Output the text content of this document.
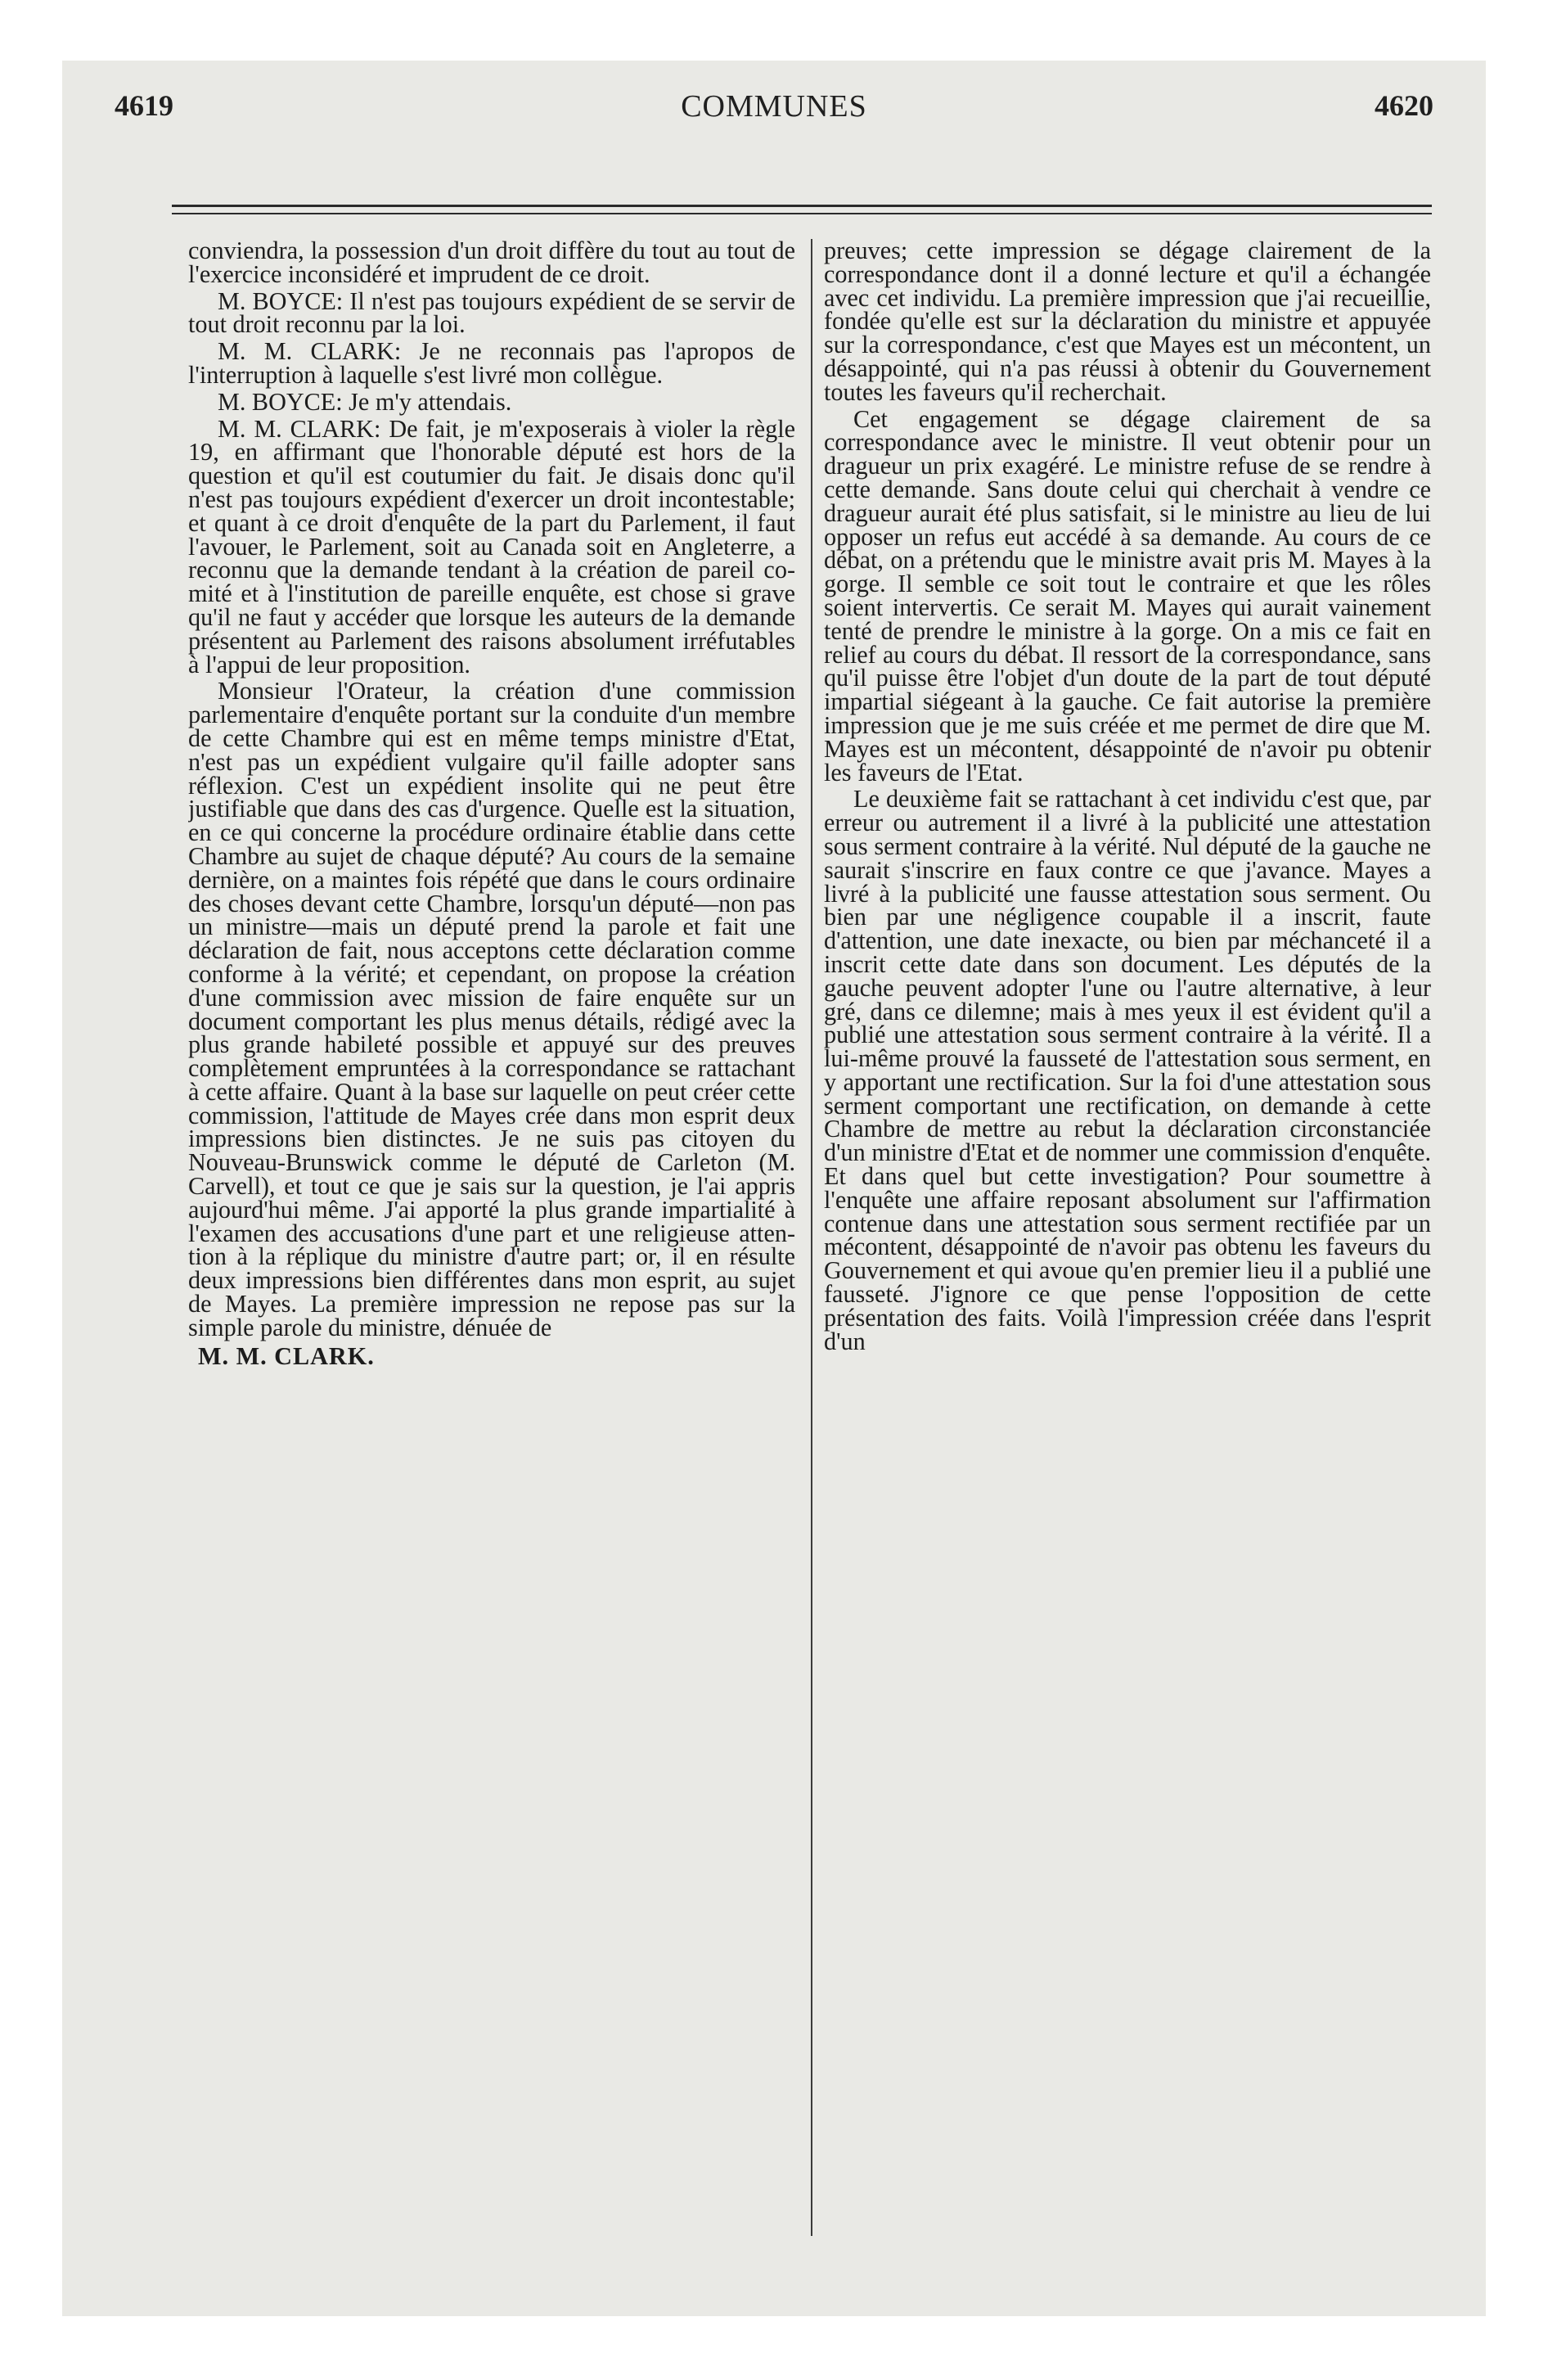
4619	COMMUNES	4620

conviendra, la possession d'un droit diffère du tout au tout de l'exercice inconsidéré et imprudent de ce droit.

M. BOYCE: Il n'est pas toujours expédient de se servir de tout droit reconnu par la loi.

M. M. CLARK: Je ne reconnais pas l'apropos de l'interruption à laquelle s'est livré mon collègue.

M. BOYCE: Je m'y attendais.

M. M. CLARK: De fait, je m'exposerais à violer la règle 19, en affirmant que l'honorable député est hors de la question et qu'il est coutumier du fait. Je disais donc qu'il n'est pas toujours expédient d'exercer un droit incontestable; et quant à ce droit d'enquête de la part du Parlement, il faut l'avouer, le Parlement, soit au Canada soit en Angleterre, a reconnu que la demande tendant à la création de pareil comité et à l'institution de pareille enquête, est chose si grave qu'il ne faut y accéder que lorsque les auteurs de la demande présentent au Parlement des raisons absolument irréfutables à l'appui de leur proposition.

Monsieur l'Orateur, la création d'une commission parlementaire d'enquête portant sur la conduite d'un membre de cette Chambre qui est en même temps ministre d'Etat, n'est pas un expédient vulgaire qu'il faille adopter sans réflexion. C'est un expédient insolite qui ne peut être justifiable que dans des cas d'urgence. Quelle est la situation, en ce qui concerne la procédure ordinaire établie dans cette Chambre au sujet de chaque député? Au cours de la semaine dernière, on a maintes fois répété que dans le cours ordinaire des choses devant cette Chambre, lorsqu'un député—non pas un ministre—mais un député prend la parole et fait une déclaration de fait, nous acceptons cette déclaration comme conforme à la vérité; et cependant, on propose la création d'une commission avec mission de faire enquête sur un document comportant les plus menus détails, rédigé avec la plus grande habileté possible et appuyé sur des preuves complètement empruntées à la correspondance se rattachant à cette affaire. Quant à la base sur laquelle on peut créer cette commission, l'attitude de Mayes crée dans mon esprit deux impressions bien distinctes. Je ne suis pas citoyen du Nouveau-Brunswick comme le député de Carleton (M. Carvell), et tout ce que je sais sur la question, je l'ai appris aujourd'hui même. J'ai apporté la plus grande impartialité à l'examen des accusations d'une part et une religieuse attention à la réplique du ministre d'autre part; or, il en résulte deux impressions bien différentes dans mon esprit, au sujet de Mayes. La première impression ne repose pas sur la simple parole du ministre, dénuée de

M. M. CLARK.

preuves; cette impression se dégage clairement de la correspondance dont il a donné lecture et qu'il a échangée avec cet individu. La première impression que j'ai recueillie, fondée qu'elle est sur la déclaration du ministre et appuyée sur la correspondance, c'est que Mayes est un mécontent, un désappointé, qui n'a pas réussi à obtenir du Gouvernement toutes les faveurs qu'il recherchait.

Cet engagement se dégage clairement de sa correspondance avec le ministre. Il veut obtenir pour un dragueur un prix exagéré. Le ministre refuse de se rendre à cette demande. Sans doute celui qui cherchait à vendre ce dragueur aurait été plus satisfait, si le ministre au lieu de lui opposer un refus eut accédé à sa demande. Au cours de ce débat, on a prétendu que le ministre avait pris M. Mayes à la gorge. Il semble ce soit tout le contraire et que les rôles soient intervertis. Ce serait M. Mayes qui aurait vainement tenté de prendre le ministre à la gorge. On a mis ce fait en relief au cours du débat. Il ressort de la correspondance, sans qu'il puisse être l'objet d'un doute de la part de tout député impartial siégeant à la gauche. Ce fait autorise la première impression que je me suis créée et me permet de dire que M. Mayes est un mécontent, désappointé de n'avoir pu obtenir les faveurs de l'Etat.

Le deuxième fait se rattachant à cet individu c'est que, par erreur ou autrement il a livré à la publicité une attestation sous serment contraire à la vérité. Nul député de la gauche ne saurait s'inscrire en faux contre ce que j'avance. Mayes a livré à la publicité une fausse attestation sous serment. Ou bien par une négligence coupable il a inscrit, faute d'attention, une date inexacte, ou bien par méchanceté il a inscrit cette date dans son document. Les députés de la gauche peuvent adopter l'une ou l'autre alternative, à leur gré, dans ce dilemne; mais à mes yeux il est évident qu'il a publié une attestation sous serment contraire à la vérité. Il a lui-même prouvé la fausseté de l'attestation sous serment, en y apportant une rectification. Sur la foi d'une attestation sous serment comportant une rectification, on demande à cette Chambre de mettre au rebut la déclaration circonstanciée d'un ministre d'Etat et de nommer une commission d'enquête. Et dans quel but cette investigation? Pour soumettre à l'enquête une affaire reposant absolument sur l'affirmation contenue dans une attestation sous serment rectifiée par un mécontent, désappointé de n'avoir pas obtenu les faveurs du Gouvernement et qui avoue qu'en premier lieu il a publié une fausseté. J'ignore ce que pense l'opposition de cette présentation des faits. Voilà l'impression créée dans l'esprit d'un
